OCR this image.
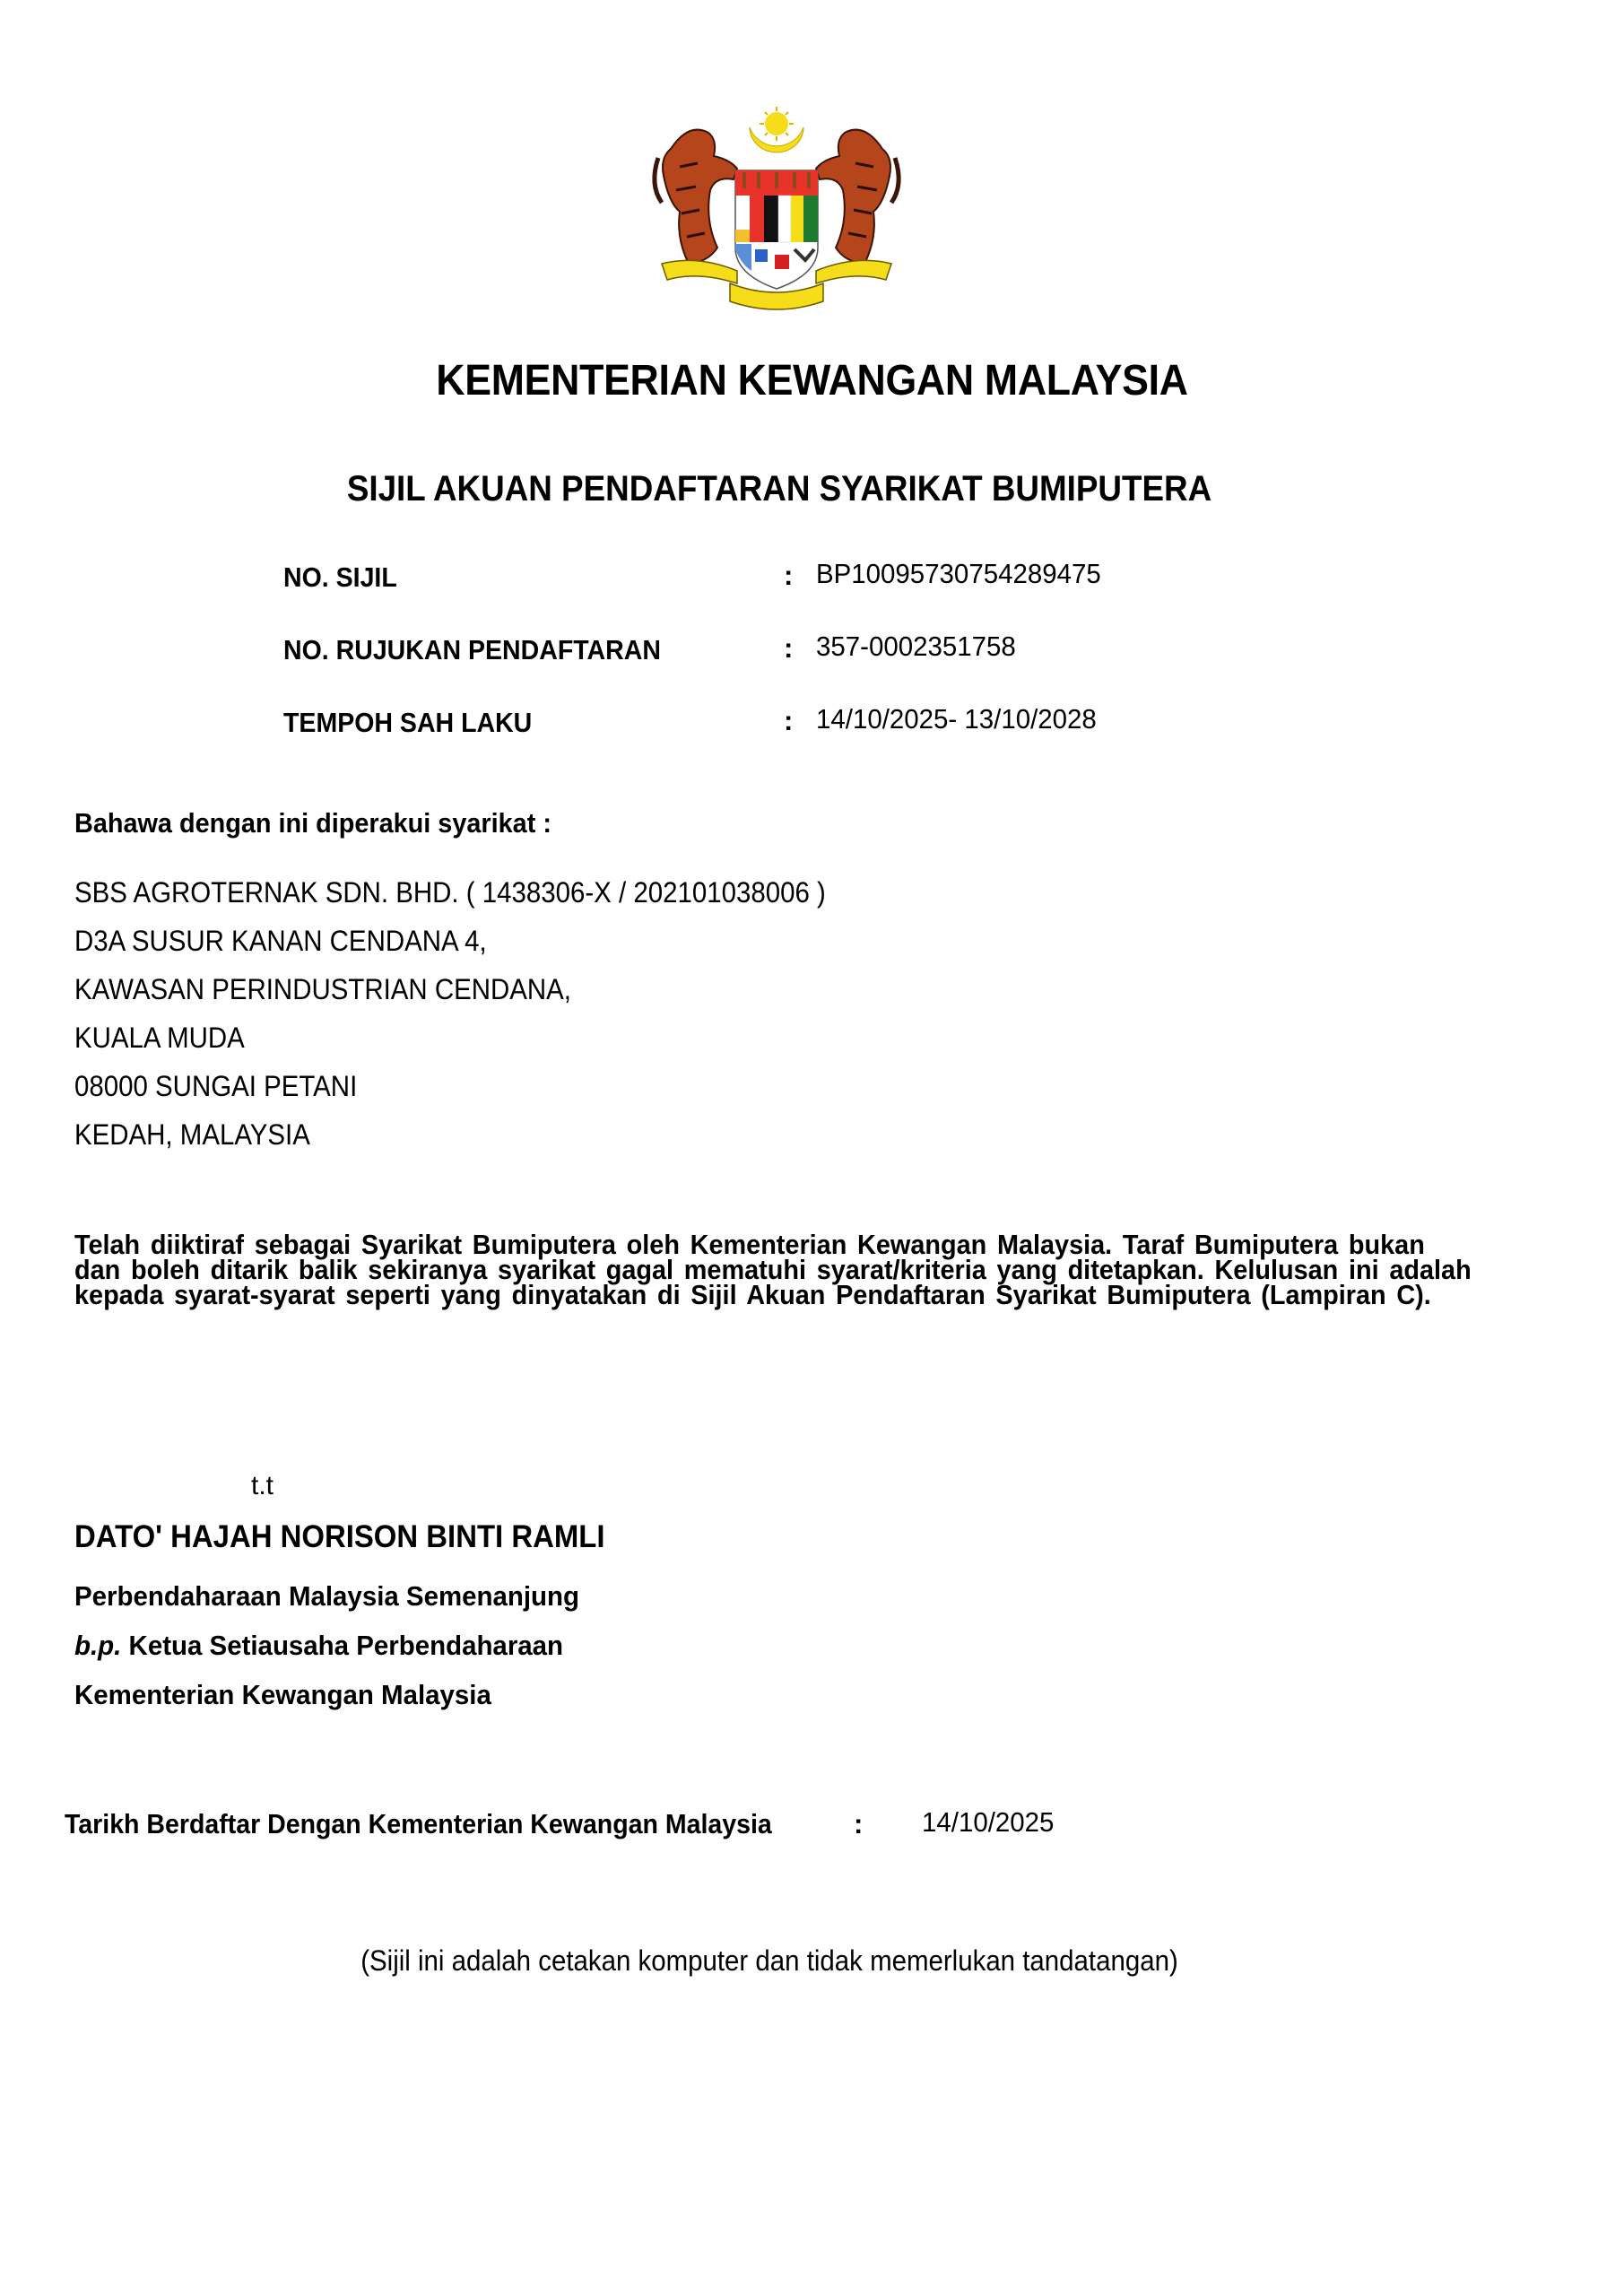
KEMENTERIAN KEWANGAN MALAYSIA
SIJIL AKUAN PENDAFTARAN SYARIKAT BUMIPUTERA
NO. SIJIL	: BP10095730754289475
NO. RUJUKAN PENDAFTARAN	: 357-0002351758
TEMPOH SAH LAKU	: 14/10/2025- 13/10/2028
Bahawa dengan ini diperakui syarikat :
SBS AGROTERNAK SDN. BHD. ( 1438306-X / 202101038006 )
D3A SUSUR KANAN CENDANA 4,
KAWASAN PERINDUSTRIAN CENDANA,
KUALA MUDA
08000 SUNGAI PETANI
KEDAH, MALAYSIA
Telah diiktiraf sebagai Syarikat Bumiputera oleh Kementerian Kewangan Malaysia. Taraf Bumiputera bukan
dan boleh ditarik balik sekiranya syarikat gagal mematuhi syarat/kriteria yang ditetapkan. Kelulusan ini adalah
kepada syarat-syarat seperti yang dinyatakan di Sijil Akuan Pendaftaran Syarikat Bumiputera (Lampiran C).
t.t
DATO' HAJAH NORISON BINTI RAMLI
Perbendaharaan Malaysia Semenanjung
b.p. Ketua Setiausaha Perbendaharaan
Kementerian Kewangan Malaysia
Tarikh Berdaftar Dengan Kementerian Kewangan Malaysia	: 14/10/2025
(Sijil ini adalah cetakan komputer dan tidak memerlukan tandatangan)
